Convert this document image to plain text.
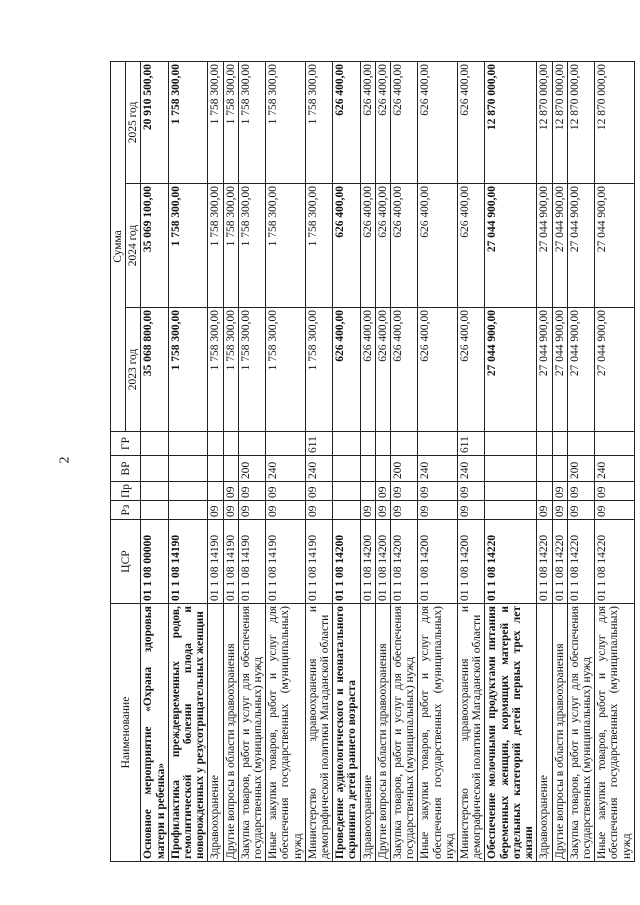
2
Наименование	ЦСР	Рз	Пр	ВР	ГР	Сумма		
						2023 год	2024 год	2025 год
Основное мероприятие «Охрана здоровья матери и ребенка»	01 1 08 00000					35 068 800,00	35 069 100,00	20 910 500,00
Профилактика преждевременных родов, гемолитической болезни плода и новорожденных у резусотрицательных женщин	01 1 08 14190					1 758 300,00	1 758 300,00	1 758 300,00
Здравоохранение	01 1 08 14190	09				1 758 300,00	1 758 300,00	1 758 300,00
Другие вопросы в области здравоохранения	01 1 08 14190	09	09			1 758 300,00	1 758 300,00	1 758 300,00
Закупка товаров, работ и услуг для обеспечения государственных (муниципальных) нужд	01 1 08 14190	09	09	200		1 758 300,00	1 758 300,00	1 758 300,00
Иные закупки товаров, работ и услуг для обеспечения государственных (муниципальных) нужд	01 1 08 14190	09	09	240		1 758 300,00	1 758 300,00	1 758 300,00
Министерство здравоохранения и демографической политики Магаданской области	01 1 08 14190	09	09	240	611	1 758 300,00	1 758 300,00	1 758 300,00
Проведение аудиологического и неонатального скрининга детей раннего возраста	01 1 08 14200					626 400,00	626 400,00	626 400,00
Здравоохранение	01 1 08 14200	09				626 400,00	626 400,00	626 400,00
Другие вопросы в области здравоохранения	01 1 08 14200	09	09			626 400,00	626 400,00	626 400,00
Закупка товаров, работ и услуг для обеспечения государственных (муниципальных) нужд	01 1 08 14200	09	09	200		626 400,00	626 400,00	626 400,00
Иные закупки товаров, работ и услуг для обеспечения государственных (муниципальных) нужд	01 1 08 14200	09	09	240		626 400,00	626 400,00	626 400,00
Министерство здравоохранения и демографической политики Магаданской области	01 1 08 14200	09	09	240	611	626 400,00	626 400,00	626 400,00
Обеспечение молочными продуктами питания беременных женщин, кормящих матерей и отдельных категорий детей первых трех лет жизни	01 1 08 14220					27 044 900,00	27 044 900,00	12 870 000,00
Здравоохранение	01 1 08 14220	09				27 044 900,00	27 044 900,00	12 870 000,00
Другие вопросы в области здравоохранения	01 1 08 14220	09	09			27 044 900,00	27 044 900,00	12 870 000,00
Закупка товаров, работ и услуг для обеспечения государственных (муниципальных) нужд	01 1 08 14220	09	09	200		27 044 900,00	27 044 900,00	12 870 000,00
Иные закупки товаров, работ и услуг для обеспечения государственных (муниципальных) нужд	01 1 08 14220	09	09	240		27 044 900,00	27 044 900,00	12 870 000,00
